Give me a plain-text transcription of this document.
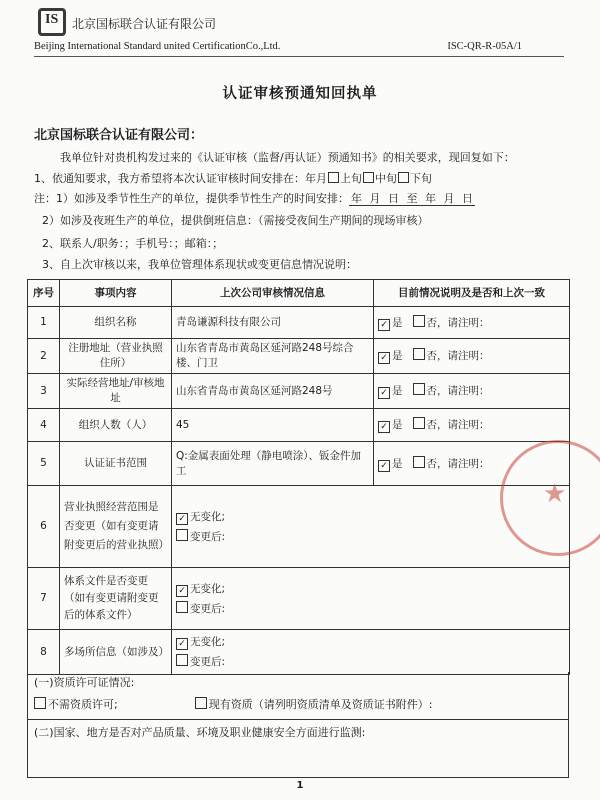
IS 北京国标联合认证有限公司
Beijing International Standard united CertificationCo.,Ltd.	ISC-QR-R-05A/1
认证审核预通知回执单
北京国标联合认证有限公司：
我单位针对贵机构发过来的《认证审核（监督/再认证）预通知书》的相关要求，现回复如下：
1、依通知要求，我方希望将本次认证审核时间安排在：年月 上旬 中旬 下旬
注：1）如涉及季节性生产的单位，提供季节性生产的时间安排： 年 月 日 至 年 月 日
2）如涉及夜班生产的单位，提供倒班信息：（需接受夜间生产期间的现场审核）
2、联系人/职务：；手机号：；邮箱：；
3、自上次审核以来，我单位管理体系现状或变更信息情况说明：
序号	事项内容	上次公司审核情况信息	目前情况说明及是否和上次一致
1	组织名称	青岛谦源科技有限公司	✓ 是 否，请注明：
2	注册地址（营业执照住所）	山东省青岛市黄岛区延河路248号综合楼、门卫	✓ 是 否，请注明：
3	实际经营地址/审核地址	山东省青岛市黄岛区延河路248号	✓ 是 否，请注明：
4	组织人数（人）	45	✓ 是 否，请注明：
5	认证证书范围	Q:金属表面处理（静电喷涂）、钣金件加工	✓ 是 否，请注明：
6	营业执照经营范围是否变更（如有变更请附变更后的营业执照）	✓ 无变化;
变更后:	

7	体系文件是否变更（如有变更请附变更后的体系文件）	✓ 无变化;
变更后:	

8	多场所信息（如涉及）	✓ 无变化;
变更后:	
(一)资质许可证情况:
不需资质许可;	现有资质（请列明资质清单及资质证书附件）:
(二)国家、地方是否对产品质量、环境及职业健康安全方面进行监测:
★
1
